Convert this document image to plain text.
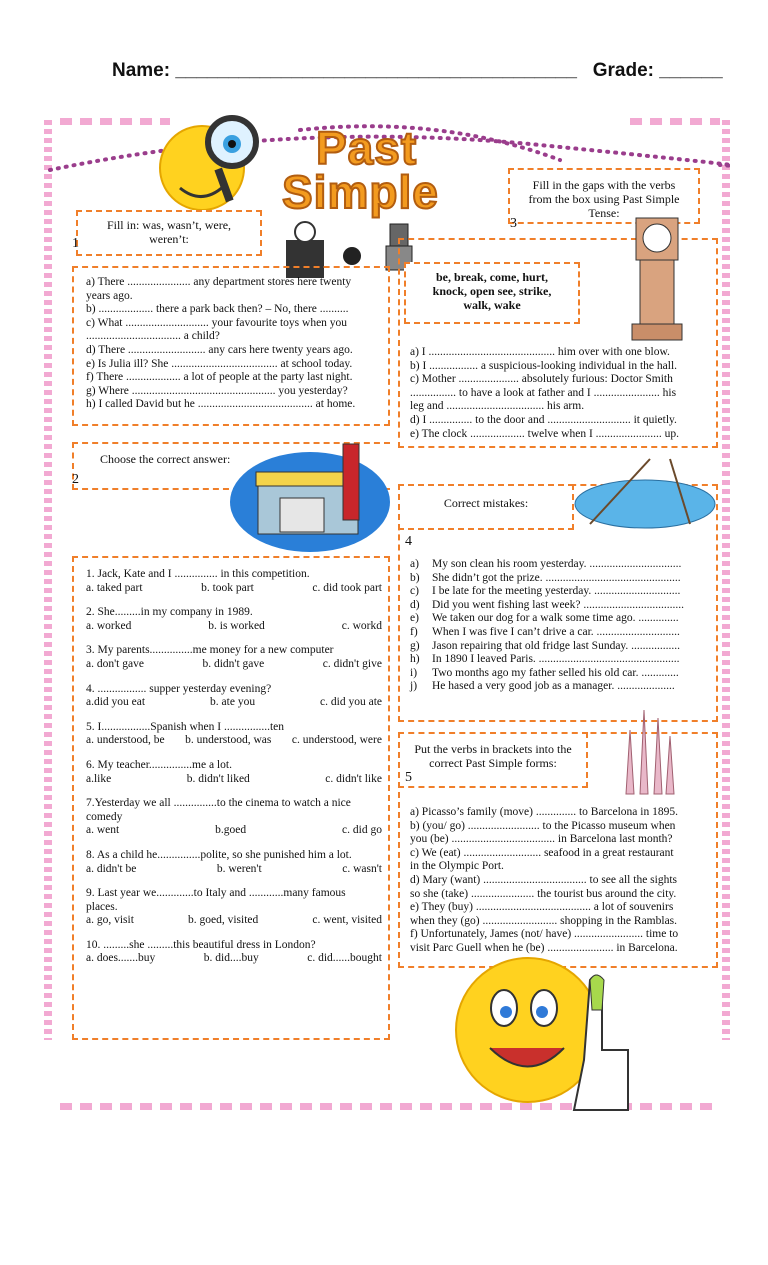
Name: ______________________________________ Grade: ______
Past
Simple
Fill in: was, wasn’t, were,
weren’t:
1
a) There ...................... any department stores here twenty
years ago.
b) ................... there a park back then? – No, there ..........
c) What ............................. your favourite toys when you
................................. a child?
d) There ........................... any cars here twenty years ago.
e) Is Julia ill? She ..................................... at school today.
f) There ................... a lot of people at the party last night.
g) Where .................................................. you yesterday?
h) I called David but he ........................................ at home.
Choose the correct answer:
2
1. Jack, Kate and I ............... in this competition.
a. taked part	b. took part	c. did took part
2. She.........in my company in 1989.
a. worked	b. is worked	c. workd
3. My parents...............me money for a new computer
a. don't gave	b. didn't gave	c. didn't give
4. ................. supper yesterday evening?
a.did you eat	b. ate you	c. did you ate
5. I.................Spanish when I ................ten
a. understood, be b. understood, was c. understood, were
6. My teacher...............me a lot.
a.like	b. didn't liked	c. didn't like
7.Yesterday we all ...............to the cinema to watch a nice
comedy
a. went	b.goed	c. did go
8. As a child he...............polite, so she punished him a lot.
a. didn't be	b. weren't	c. wasn't
9. Last year we.............to Italy and ............many famous
places.
a. go, visit	b. goed, visited	c. went, visited
10. .........she .........this beautiful dress in London?
a. does.......buy	b. did....buy	c. did......bought
Fill in the gaps with the verbs
from the box using Past Simple
Tense:
3
be, break, come, hurt,
knock, open see, strike,
walk, wake
a) I ............................................ him over with one blow.
b) I ................. a suspicious-looking individual in the hall.
c) Mother ..................... absolutely furious: Doctor Smith
................ to have a look at father and I ....................... his
leg and .................................. his arm.
d) I ............... to the door and ............................. it quietly.
e) The clock ................... twelve when I ....................... up.
Correct mistakes:
4
a)	My son clean his room yesterday. ................................
b)	She didn’t got the prize. ...............................................
c)	I be late for the meeting yesterday. ..............................
d)	Did you went fishing last week? ...................................
e)	We taken our dog for a walk some time ago. ..............
f)	When I was five I can’t drive a car. .............................
g)	Jason repairing that old fridge last Sunday. .................
h)	In 1890 I leaved Paris. .................................................
i)	Two months ago my father selled his old car. .............
j)	He hased a very good job as a manager. ....................
Put the verbs in brackets into the
correct Past Simple forms:
5
a) Picasso’s family (move) .............. to Barcelona in 1895.
b) (you/ go) ......................... to the Picasso museum when
you (be) .................................... in Barcelona last month?
c) We (eat) ........................... seafood in a great restaurant
in the Olympic Port.
d) Mary (want) .................................... to see all the sights
so she (take) ...................... the tourist bus around the city.
e) They (buy) ........................................ a lot of souvenirs
when they (go) .......................... shopping in the Ramblas.
f) Unfortunately, James (not/ have) ........................ time to
visit Parc Guell when he (be) ....................... in Barcelona.
